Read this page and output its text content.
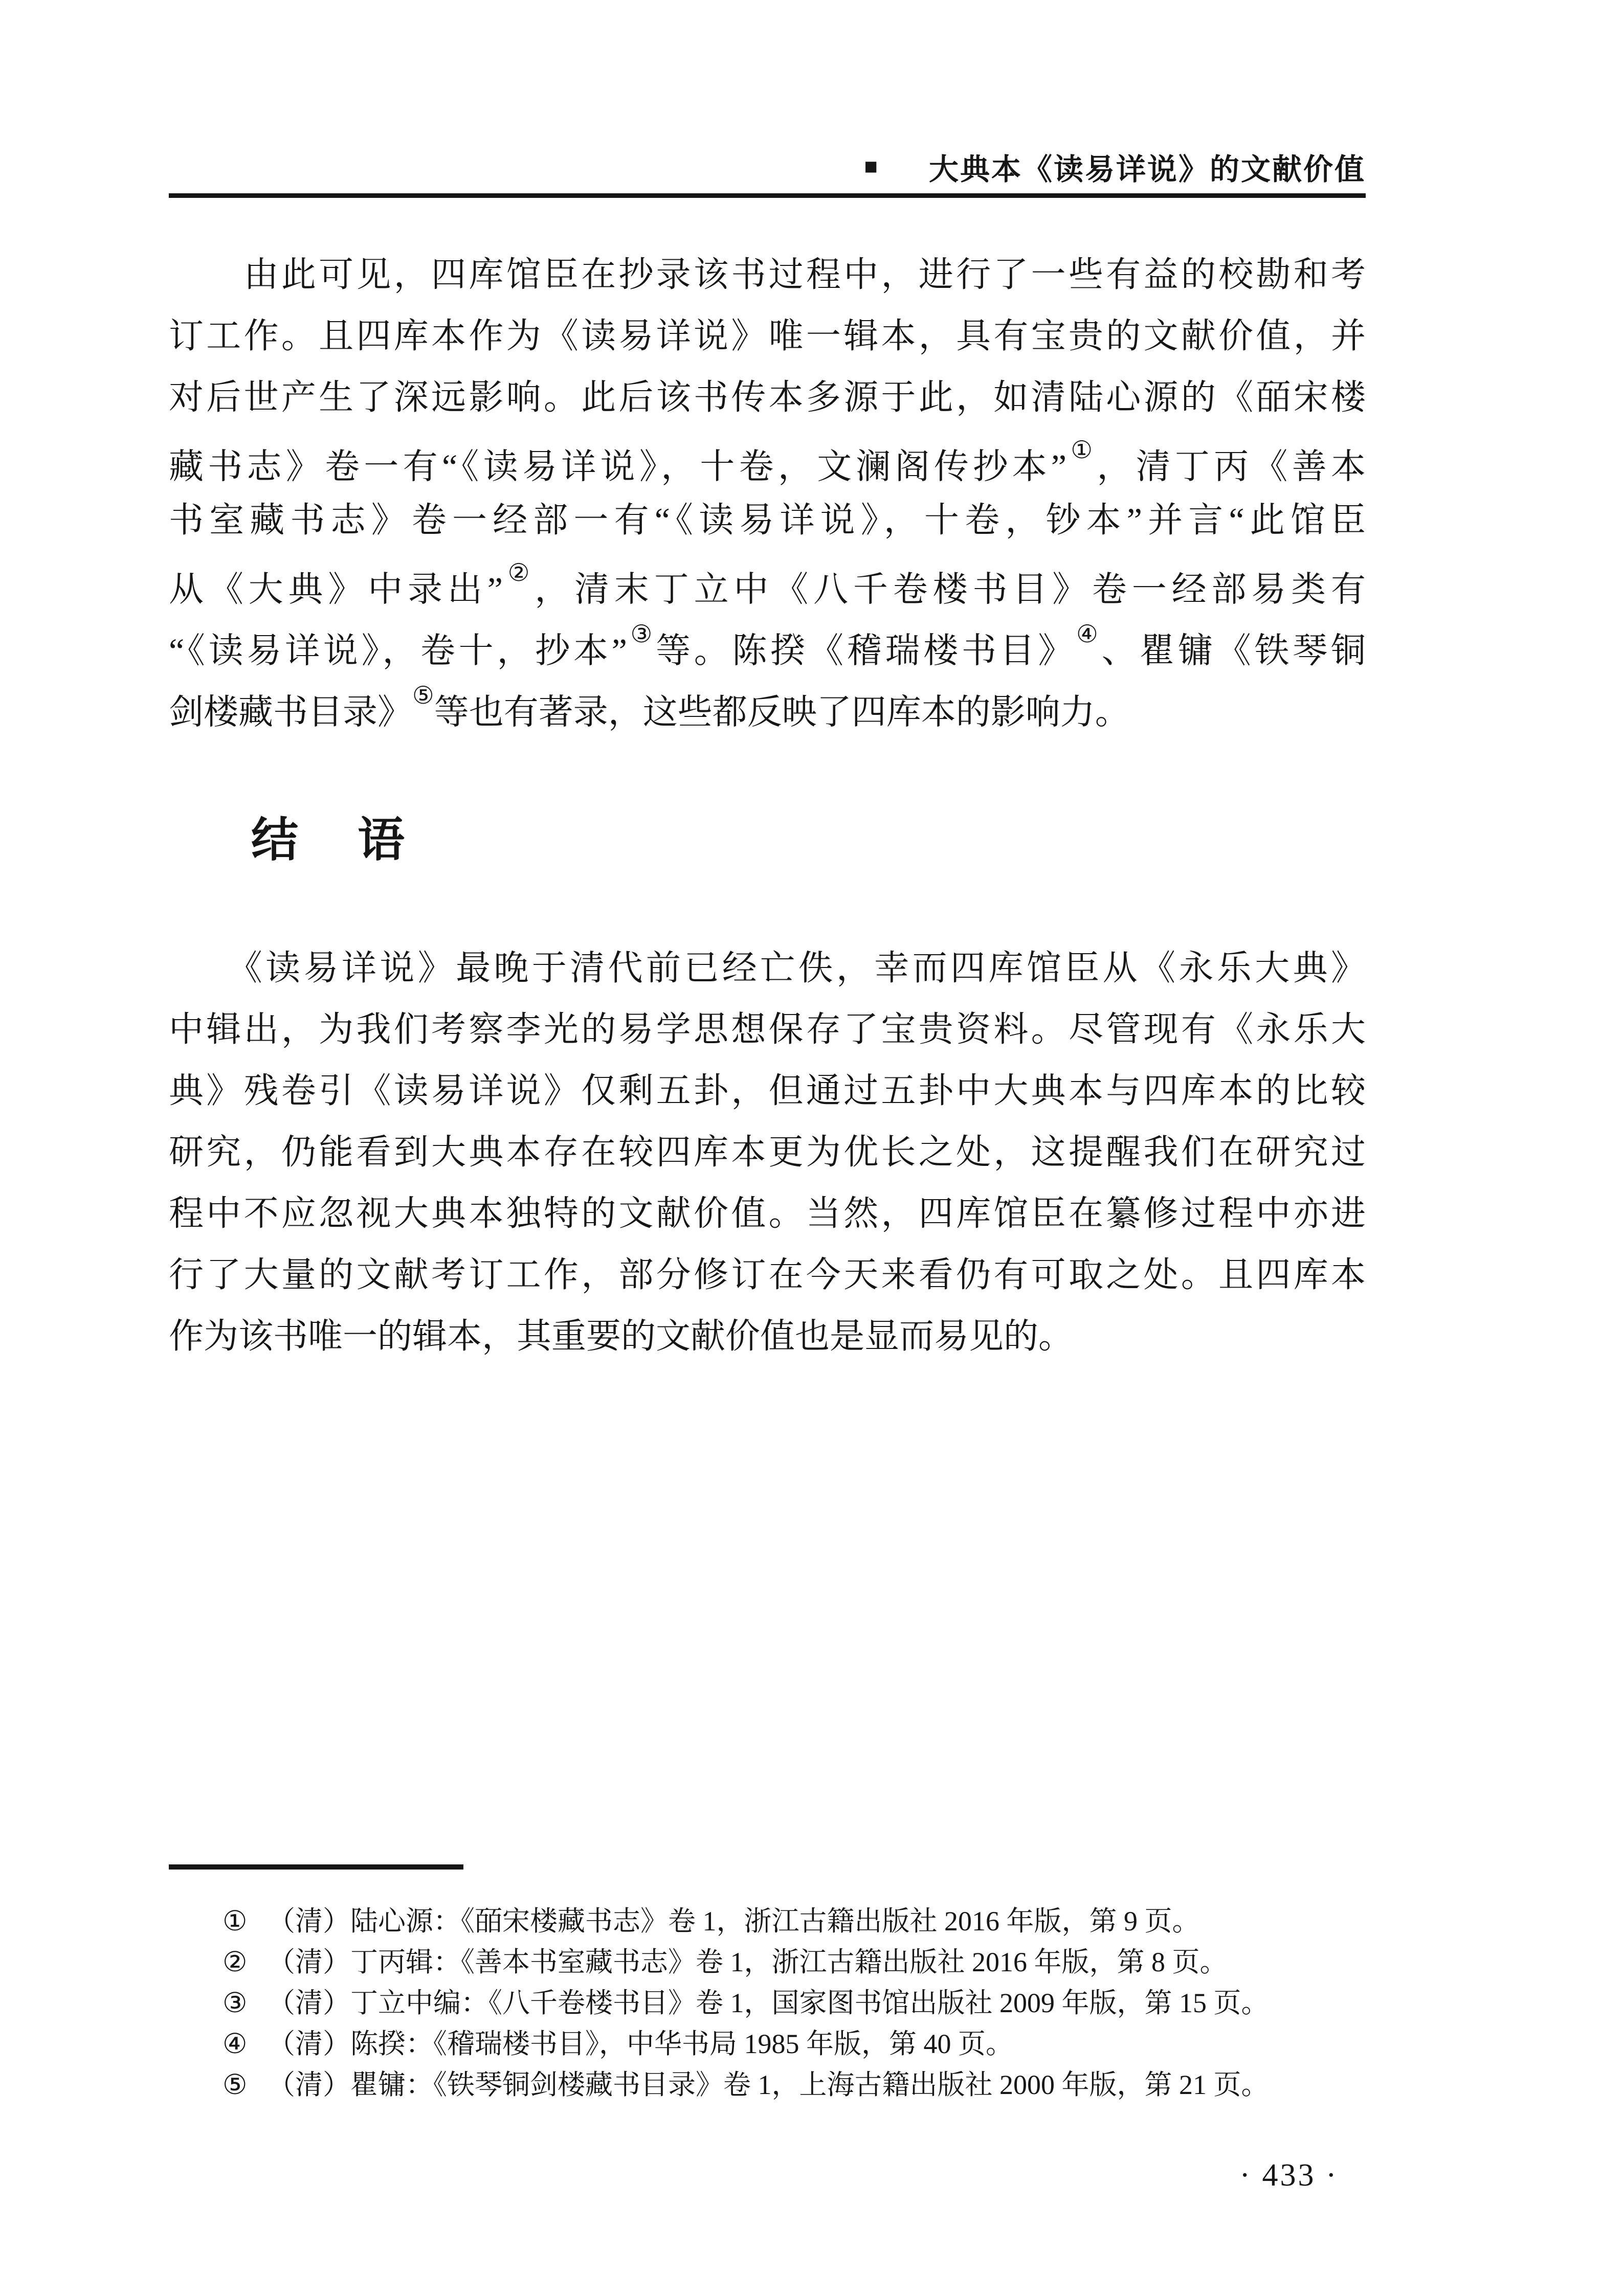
■ 大典本《读易详说》的文献价值
　　由此可见，四库馆臣在抄录该书过程中，进行了一些有益的校勘和考
订工作。且四库本作为《读易详说》唯一辑本，具有宝贵的文献价值，并
对后世产生了深远影响。此后该书传本多源于此，如清陆心源的《皕宋楼
藏书志》卷一有“《读易详说》，十卷，文澜阁传抄本”①，清丁丙《善本
书室藏书志》卷一经部一有“《读易详说》，十卷，钞本”并言“此馆臣
从《大典》中录出”②，清末丁立中《八千卷楼书目》卷一经部易类有
“《读易详说》，卷十，抄本”③等。陈揆《稽瑞楼书目》④、瞿镛《铁琴铜
剑楼藏书目录》⑤等也有著录，这些都反映了四库本的影响力。
结　语
　　《读易详说》最晚于清代前已经亡佚，幸而四库馆臣从《永乐大典》
中辑出，为我们考察李光的易学思想保存了宝贵资料。尽管现有《永乐大
典》残卷引《读易详说》仅剩五卦，但通过五卦中大典本与四库本的比较
研究，仍能看到大典本存在较四库本更为优长之处，这提醒我们在研究过
程中不应忽视大典本独特的文献价值。当然，四库馆臣在纂修过程中亦进
行了大量的文献考订工作，部分修订在今天来看仍有可取之处。且四库本
作为该书唯一的辑本，其重要的文献价值也是显而易见的。
① （清）陆心源：《皕宋楼藏书志》卷 1，浙江古籍出版社 2016 年版，第 9 页。
② （清）丁丙辑：《善本书室藏书志》卷 1，浙江古籍出版社 2016 年版，第 8 页。
③ （清）丁立中编：《八千卷楼书目》卷 1，国家图书馆出版社 2009 年版，第 15 页。
④ （清）陈揆：《稽瑞楼书目》，中华书局 1985 年版，第 40 页。
⑤ （清）瞿镛：《铁琴铜剑楼藏书目录》卷 1，上海古籍出版社 2000 年版，第 21 页。
· 433 ·
